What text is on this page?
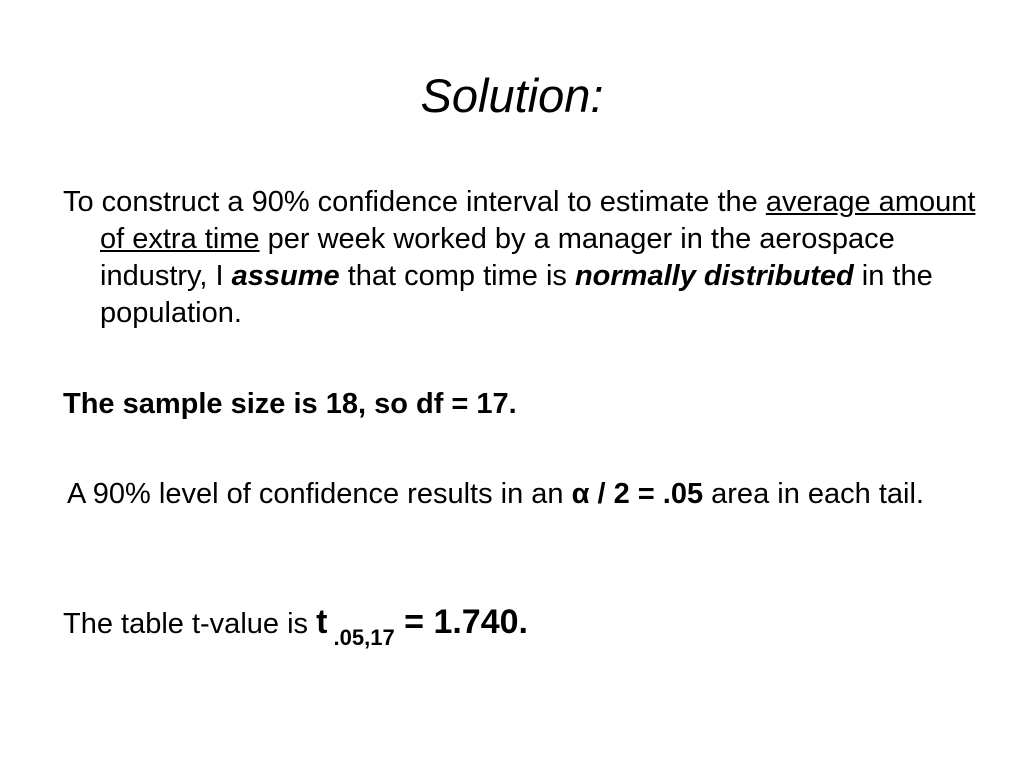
Solution:
To construct a 90% confidence interval to estimate the average amount of extra time per week worked by a manager in the aerospace industry, I assume that comp time is normally distributed in the population.
The sample size is 18, so df = 17.
A 90% level of confidence results in an α / 2 = .05 area in each tail.
The table t-value is t $_{.05,17}$ = 1.740.
